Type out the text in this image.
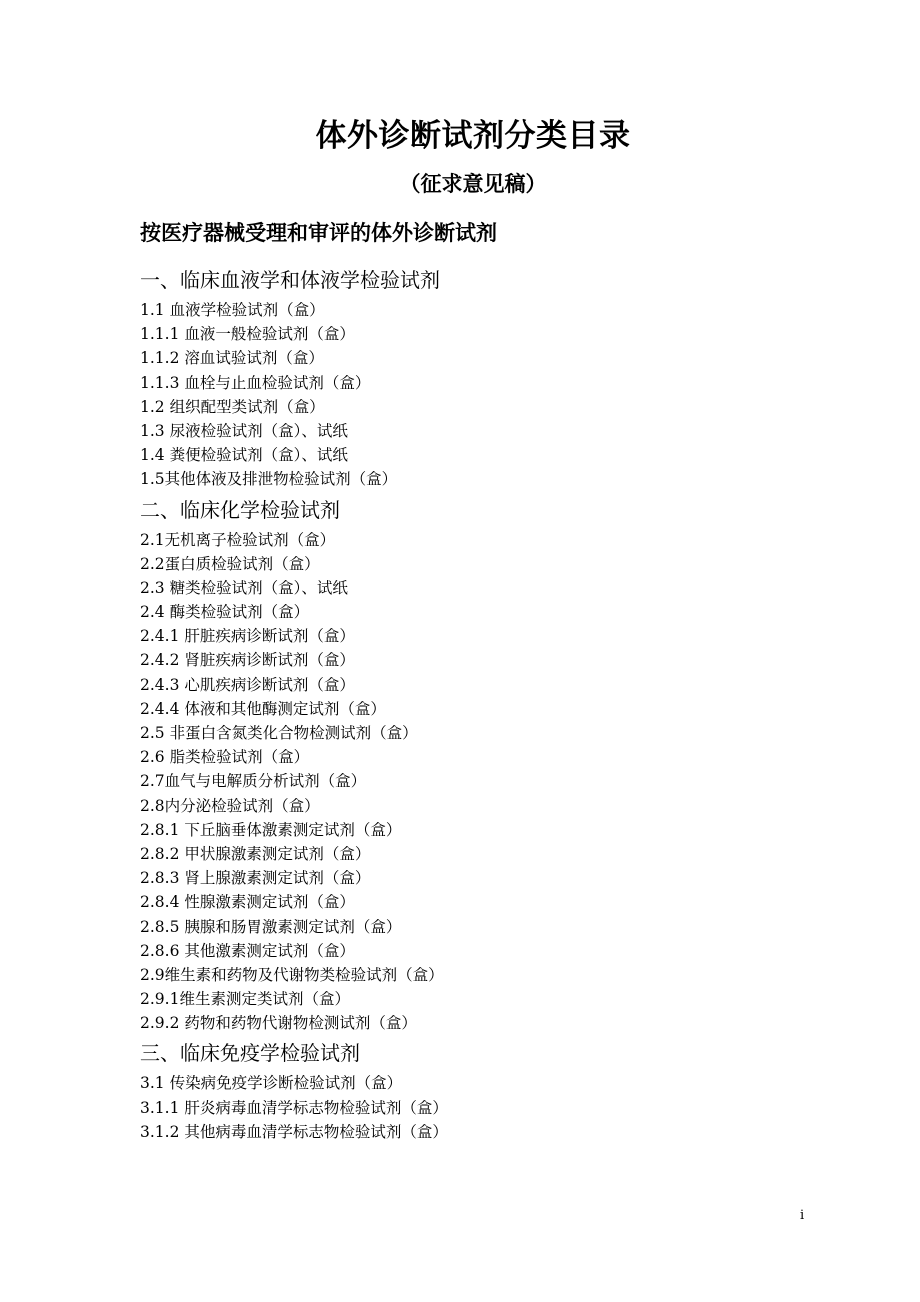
体外诊断试剂分类目录
（征求意见稿）
按医疗器械受理和审评的体外诊断试剂
一、临床血液学和体液学检验试剂
1.1 血液学检验试剂（盒）
1.1.1 血液一般检验试剂（盒）
1.1.2 溶血试验试剂（盒）
1.1.3 血栓与止血检验试剂（盒）
1.2 组织配型类试剂（盒）
1.3 尿液检验试剂（盒）、试纸
1.4 粪便检验试剂（盒）、试纸
1.5其他体液及排泄物检验试剂（盒）
二、临床化学检验试剂
2.1无机离子检验试剂（盒）
2.2蛋白质检验试剂（盒）
2.3 糖类检验试剂（盒）、试纸
2.4 酶类检验试剂（盒）
2.4.1 肝脏疾病诊断试剂（盒）
2.4.2 肾脏疾病诊断试剂（盒）
2.4.3 心肌疾病诊断试剂（盒）
2.4.4 体液和其他酶测定试剂（盒）
2.5 非蛋白含氮类化合物检测试剂（盒）
2.6 脂类检验试剂（盒）
2.7血气与电解质分析试剂（盒）
2.8内分泌检验试剂（盒）
2.8.1 下丘脑垂体激素测定试剂（盒）
2.8.2 甲状腺激素测定试剂（盒）
2.8.3 肾上腺激素测定试剂（盒）
2.8.4 性腺激素测定试剂（盒）
2.8.5 胰腺和肠胃激素测定试剂（盒）
2.8.6 其他激素测定试剂（盒）
2.9维生素和药物及代谢物类检验试剂（盒）
2.9.1维生素测定类试剂（盒）
2.9.2 药物和药物代谢物检测试剂（盒）
三、临床免疫学检验试剂
3.1 传染病免疫学诊断检验试剂（盒）
3.1.1 肝炎病毒血清学标志物检验试剂（盒）
3.1.2 其他病毒血清学标志物检验试剂（盒）
i
